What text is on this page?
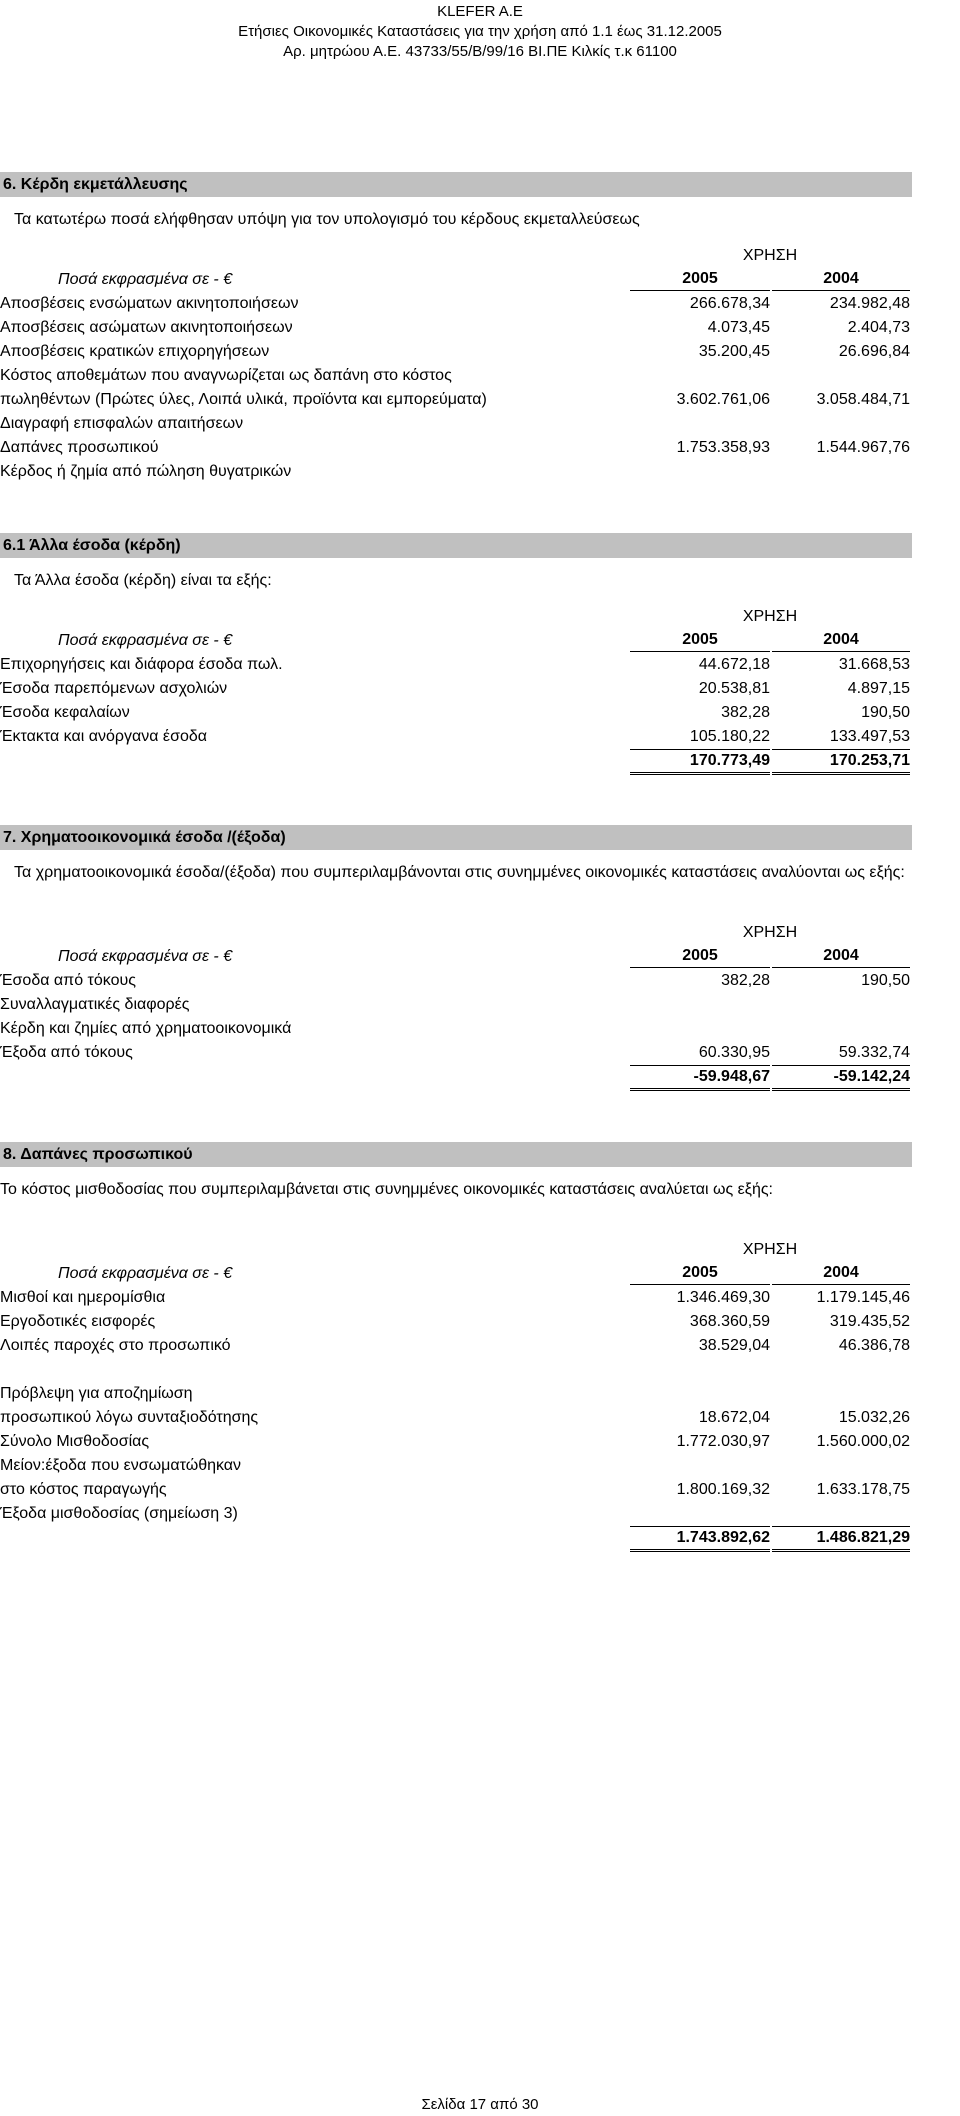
KLEFER A.E
Ετήσιες Οικονομικές Καταστάσεις για την χρήση από 1.1 έως 31.12.2005
Αρ. μητρώου Α.Ε. 43733/55/Β/99/16 ΒΙ.ΠΕ Κιλκίς τ.κ 61100
6. Κέρδη εκμετάλλευσης
Τα κατωτέρω ποσά ελήφθησαν υπόψη για τον υπολογισμό του κέρδους εκμεταλλεύσεως
ΧΡΗΣΗ
Ποσά εκφρασμένα σε - €	2005	2004
Αποσβέσεις ενσώματων ακινητοποιήσεων	266.678,34	234.982,48
Αποσβέσεις ασώματων ακινητοποιήσεων	4.073,45	2.404,73
Αποσβέσεις κρατικών επιχορηγήσεων	35.200,45	26.696,84
Κόστος αποθεμάτων που αναγνωρίζεται ως δαπάνη στο κόστος
πωληθέντων (Πρώτες ύλες, Λοιπά υλικά, προϊόντα και εμπορεύματα)	3.602.761,06	3.058.484,71
Διαγραφή επισφαλών απαιτήσεων
Δαπάνες προσωπικού	1.753.358,93	1.544.967,76
Κέρδος ή ζημία από πώληση θυγατρικών
6.1 Άλλα έσοδα (κέρδη)
Τα Άλλα έσοδα (κέρδη) είναι τα εξής:
ΧΡΗΣΗ
Ποσά εκφρασμένα σε - €	2005	2004
Επιχορηγήσεις και διάφορα έσοδα πωλ.	44.672,18	31.668,53
Έσοδα παρεπόμενων ασχολιών	20.538,81	4.897,15
Έσοδα κεφαλαίων	382,28	190,50
Έκτακτα και ανόργανα έσοδα	105.180,22	133.497,53
170.773,49	170.253,71
7. Χρηματοοικονομικά έσοδα /(έξοδα)
Τα χρηματοοικονομικά έσοδα/(έξοδα) που συμπεριλαμβάνονται στις συνημμένες οικονομικές καταστάσεις αναλύονται ως εξής:
ΧΡΗΣΗ
Ποσά εκφρασμένα σε - €	2005	2004
Έσοδα από τόκους	382,28	190,50
Συναλλαγματικές διαφορές
Κέρδη και ζημίες από χρηματοοικονομικά
Έξοδα από τόκους	60.330,95	59.332,74
-59.948,67	-59.142,24
8. Δαπάνες προσωπικού
Το κόστος μισθοδοσίας που συμπεριλαμβάνεται στις συνημμένες οικονομικές καταστάσεις αναλύεται ως εξής:
ΧΡΗΣΗ
Ποσά εκφρασμένα σε - €	2005	2004
Μισθοί και ημερομίσθια	1.346.469,30	1.179.145,46
Εργοδοτικές εισφορές	368.360,59	319.435,52
Λοιπές παροχές στο προσωπικό	38.529,04	46.386,78
Πρόβλεψη για αποζημίωση
προσωπικού λόγω συνταξιοδότησης	18.672,04	15.032,26
Σύνολο Μισθοδοσίας	1.772.030,97	1.560.000,02
Μείον:έξοδα που ενσωματώθηκαν
στο κόστος παραγωγής	1.800.169,32	1.633.178,75
Έξοδα μισθοδοσίας (σημείωση 3)
1.743.892,62	1.486.821,29
Σελίδα 17 από 30
